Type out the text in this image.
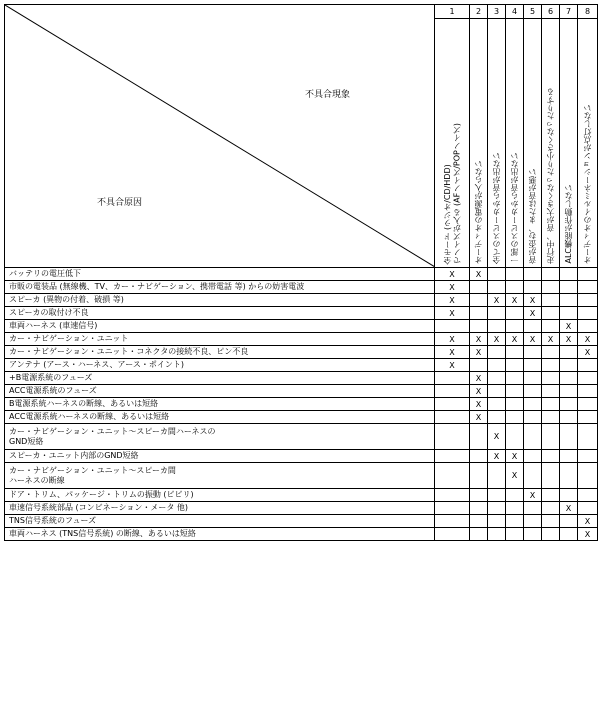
不具合現象
不具合原因	1	2	3	4	5	6	7	8

	全モード (ラジオ/CD/HDD)
でノイズが入る (AFノイズ/POPノイズ)	オーディオの電源が入らない	全てのスピーカから音が出ない	一部のスピーカから音が出ない	音が歪む、または音が悪い	走行中、音が大きくなったり小さくなったりする	ALC機能が作動しない	オーディオのイルミネーションが点灯しない

バッテリの電圧低下	X	X						
市販の電装品 (無線機、TV、カー・ナビゲーション、携帯電話 等) からの妨害電波	X							
スピーカ (異物の付着、破損 等)	X		X	X	X			
スピーカの取付け不良	X				X			
車両ハーネス (車速信号)							X	
カー・ナビゲーション・ユニット	X	X	X	X	X	X	X	X
カー・ナビゲーション・ユニット・コネクタの接続不良、ピン不良	X	X						X
アンテナ (アース・ハーネス、アース・ポイント)	X							
+B電源系統のフューズ		X						
ACC電源系統のフューズ		X						
B電源系統ハーネスの断線、あるいは短絡		X						
ACC電源系統ハーネスの断線、あるいは短絡		X						
カー・ナビゲーション・ユニット〜スピーカ間ハーネスの
GND短絡			X					
スピーカ・ユニット内部のGND短絡			X	X				
カー・ナビゲーション・ユニット〜スピーカ間
ハーネスの断線				X				
ドア・トリム、パッケージ・トリムの振動 (ビビリ)					X			
車速信号系統部品 (コンビネーション・メータ 他)							X	
TNS信号系統のフューズ								X
車両ハーネス (TNS信号系統) の断線、あるいは短絡								X
